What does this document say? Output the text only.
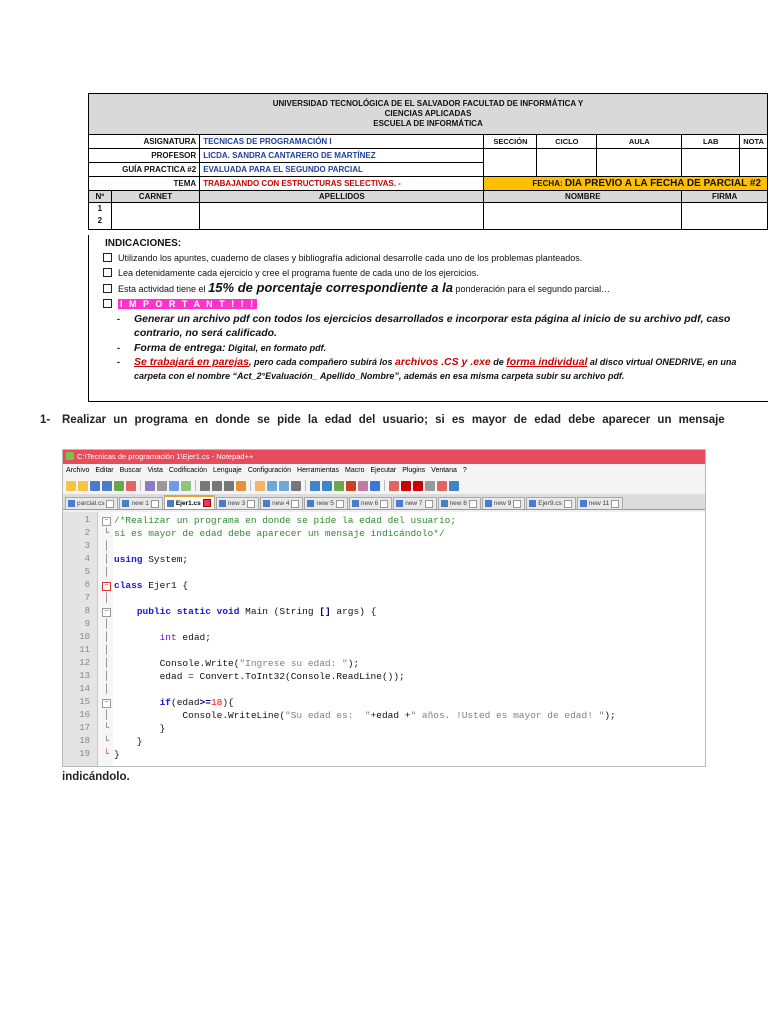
UNIVERSIDAD TECNOLÓGICA DE EL SALVADOR FACULTAD DE INFORMÁTICA Y
CIENCIAS APLICADAS
ESCUELA DE INFORMÁTICA							

ASIGNATURA		TECNICAS DE PROGRAMACIÓN I	SECCIÓN	CICLO	AULA	LAB	NOTA
PROFESOR		LICDA. SANDRA CANTARERO DE MARTÍNEZ					
GUÍA PRACTICA #2		EVALUADA PARA EL SEGUNDO PARCIAL					
TEMA		TRABAJANDO CON ESTRUCTURAS SELECTIVAS. -	FECHA: DIA PREVIO A LA FECHA DE PARCIAL #2				
Nº	CARNET	APELLIDOS	NOMBRE			FIRMA	

1
2							

INDICACIONES:
Utilizando los apuntes, cuaderno de clases y bibliografía adicional desarrolle cada uno de los problemas planteados.
Lea detenidamente cada ejercicio y cree el programa fuente de cada uno de los ejercicios.
Esta actividad tiene el 15% de porcentaje correspondiente a la ponderación para el segundo parcial…
I M P O R T A N T ! ! !
-	Generar un archivo pdf con todos los ejercicios desarrollados e incorporar esta página al inicio de su archivo pdf, caso contrario, no será calificado.
-	Forma de entrega: Digital, en formato pdf.
-	Se trabajará en parejas, pero cada compañero subirá los archivos .CS y .exe de forma individual al disco virtual ONEDRIVE, en una carpeta con el nombre “Act_2°Evaluación_ Apellido_Nombre”, además en esa misma carpeta subir su archivo pdf.
1- Realizar un programa en donde se pide la edad del usuario; si es mayor de edad debe aparecer un mensaje
C:\Tecnicas de programación 1\Ejer1.cs - Notepad++
Archivo Editar Buscar Vista Codificación Lenguaje Configuración Herramientas Macro Ejecutar Plugins Ventana ?
parcial.cs	new 1	Ejer1.cs	new 3	new 4	new 5	new 6	new 7	new 8	new 9	Ejer9.cs	new 11
1	− /*Realizar un programa en donde se pide la edad del usuario;
2 └ si es mayor de edad debe aparecer un mensaje indicándolo*/
3 │
4 │ using System;
5 │
6	− class Ejer1 {
7 │
8	−	public static void Main (String [] args) {
9 │
10 │	int edad;
11 │
12 │ Console.Write("Ingrese su edad: ");
13 │ edad = Convert.ToInt32(Console.ReadLine());
14 │
15	−	if(edad>=18){
16 │ Console.WriteLine("Su edad es:  "+edad +" años. !Usted es mayor de edad! ");
17 └ }
18 └ }
19 └ }
indicándolo.
